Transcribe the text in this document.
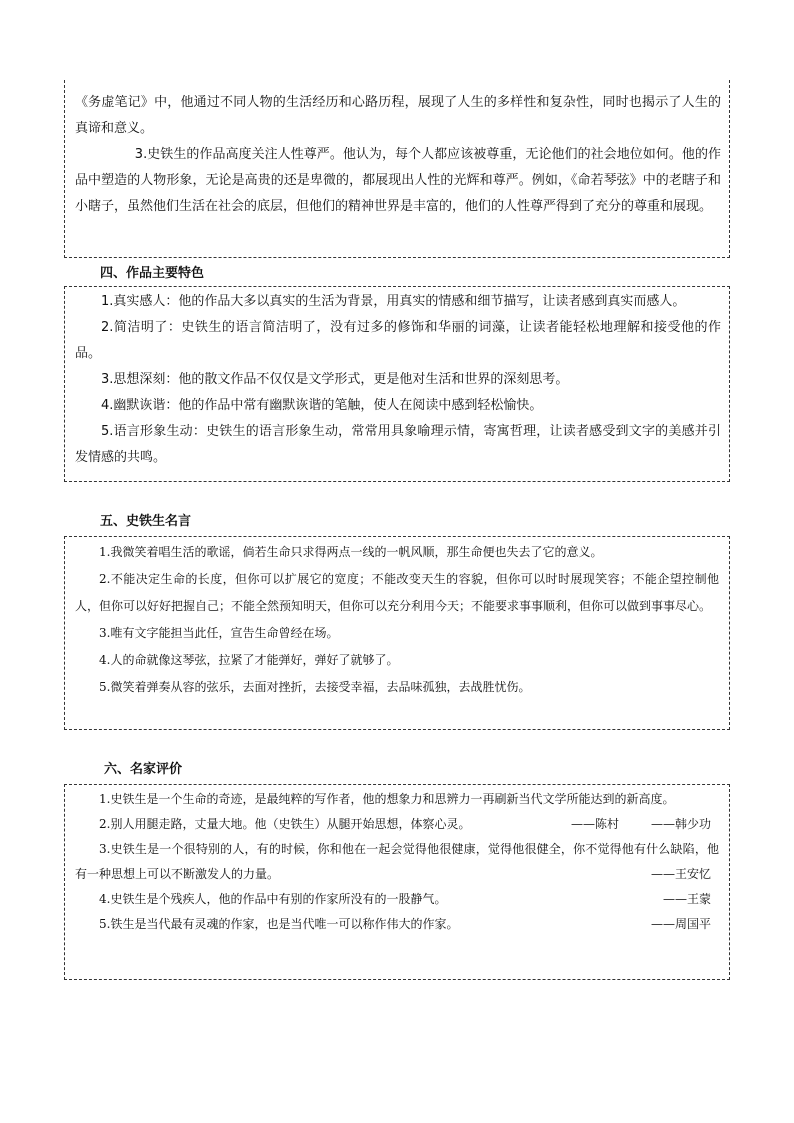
《务虚笔记》中，他通过不同人物的生活经历和心路历程，展现了人生的多样性和复杂性，同时也揭示了人生的真谛和意义。

3.史铁生的作品高度关注人性尊严。他认为，每个人都应该被尊重，无论他们的社会地位如何。他的作品中塑造的人物形象，无论是高贵的还是卑微的，都展现出人性的光辉和尊严。例如，《命若琴弦》中的老瞎子和小瞎子，虽然他们生活在社会的底层，但他们的精神世界是丰富的，他们的人性尊严得到了充分的尊重和展现。

四、作品主要特色

1.真实感人：他的作品大多以真实的生活为背景，用真实的情感和细节描写，让读者感到真实而感人。

2.简洁明了：史铁生的语言简洁明了，没有过多的修饰和华丽的词藻，让读者能轻松地理解和接受他的作品。

3.思想深刻：他的散文作品不仅仅是文学形式，更是他对生活和世界的深刻思考。

4.幽默诙谐：他的作品中常有幽默诙谐的笔触，使人在阅读中感到轻松愉快。

5.语言形象生动：史铁生的语言形象生动，常常用具象喻理示情，寄寓哲理，让读者感受到文字的美感并引发情感的共鸣。

五、史铁生名言

1.我微笑着唱生活的歌谣，倘若生命只求得两点一线的一帆风顺，那生命便也失去了它的意义。

2.不能决定生命的长度，但你可以扩展它的宽度；不能改变天生的容貌，但你可以时时展现笑容；不能企望控制他人，但你可以好好把握自己；不能全然预知明天，但你可以充分利用今天；不能要求事事顺利，但你可以做到事事尽心。

3.唯有文字能担当此任，宣告生命曾经在场。

4.人的命就像这琴弦，拉紧了才能弹好，弹好了就够了。

5.微笑着弹奏从容的弦乐，去面对挫折，去接受幸福，去品味孤独，去战胜忧伤。

六、名家评价

1.史铁生是一个生命的奇迹，是最纯粹的写作者，他的想象力和思辨力一再刷新当代文学所能达到的新高度。
——韩少功

2.别人用腿走路，丈量大地。他（史铁生）从腿开始思想，体察心灵。	——陈村

3.史铁生是一个很特别的人，有的时候，你和他在一起会觉得他很健康，觉得他很健全，你不觉得他有什么缺陷，他有一种思想上可以不断激发人的力量。	——王安忆

4.史铁生是个残疾人，他的作品中有别的作家所没有的一股静气。	——王蒙

5.铁生是当代最有灵魂的作家，也是当代唯一可以称作伟大的作家。	——周国平
